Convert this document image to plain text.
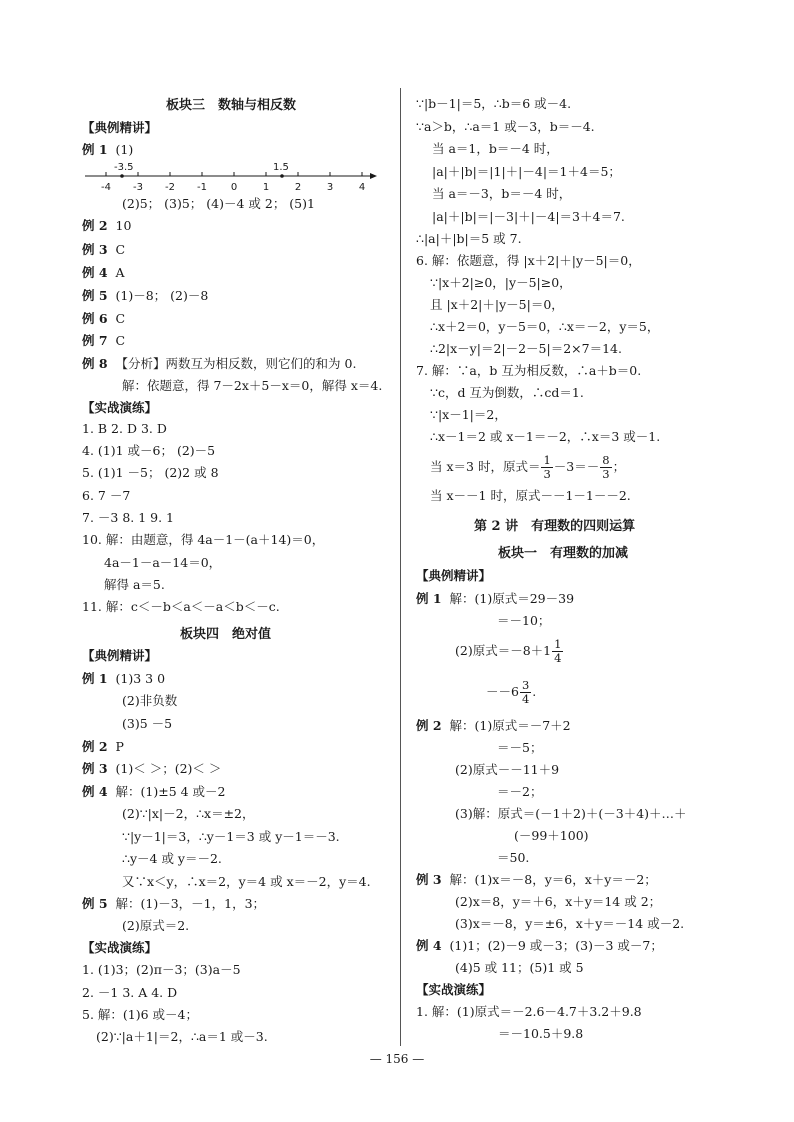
板块三　数轴与相反数
【典例精讲】
例 1 (1)
-4 -3 -2 -1 0	1	2	3	4
-3.5	1.5
(2)5； (3)5； (4)－4 或 2； (5)1
例 2 10
例 3 C
例 4 A
例 5 (1)－8； (2)－8
例 6 C
例 7 C
例 8 【分析】两数互为相反数，则它们的和为 0.
解：依题意，得 7－2x＋5－x＝0，解得 x＝4.
【实战演练】
1. B 2. D 3. D
4. (1)1 或－6； (2)－5
5. (1)1 －5； (2)2 或 8
6. 7 －7
7. －3 8. 1 9. 1
10. 解：由题意，得 4a－1－(a＋14)＝0，
4a－1－a－14＝0，
解得 a＝5.
11. 解：c＜－b＜a＜－a＜b＜－c.
板块四　绝对值
【典例精讲】
例 1 (1)3 3 0
(2)非负数
(3)5 －5
例 2 P
例 3 (1)＜ ＞；(2)＜ ＞
例 4 解：(1)±5 4 或－2
(2)∵|x|－2，∴x＝±2，
∵|y－1|＝3，∴y－1＝3 或 y－1＝－3.
∴y－4 或 y＝－2.
又∵x＜y，∴x＝2，y＝4 或 x＝－2，y＝4.
例 5 解：(1)－3，－1，1，3；
(2)原式＝2.
【实战演练】
1. (1)3；(2)π－3；(3)a－5
2. －1 3. A 4. D
5. 解：(1)6 或－4；
(2)∵|a＋1|＝2，∴a＝1 或－3.
∵|b－1|＝5，∴b＝6 或－4.
∵a＞b，∴a＝1 或－3，b＝－4.
当 a＝1，b＝－4 时，
|a|＋|b|＝|1|＋|－4|＝1＋4＝5；
当 a＝－3，b＝－4 时，
|a|＋|b|＝|－3|＋|－4|＝3＋4＝7.
∴|a|＋|b|＝5 或 7.
6. 解：依题意，得 |x＋2|＋|y－5|＝0，
∵|x＋2|≥0，|y－5|≥0，
且 |x＋2|＋|y－5|＝0，
∴x＋2＝0，y－5＝0，∴x＝－2，y＝5，
∴2|x－y|＝2|－2－5|＝2×7＝14.
7. 解：∵a，b 互为相反数，∴a＋b＝0.
∵c，d 互为倒数，∴cd＝1.
∵|x－1|＝2，
∴x－1＝2 或 x－1＝－2，∴x＝3 或－1.
当 x＝3 时，原式＝ $\frac{1}{3} -3=- \frac{8}{3}$ ；
当 x－－1 时，原式－－1－1－－2.
第 2 讲　有理数的四则运算
板块一　有理数的加减
【典例精讲】
例 1 解：(1)原式＝29－39
＝－10；
(2)原式$=-8+1 \frac{1}{4}$
$--6 \frac{3}{4}$ .
例 2 解：(1)原式＝－7＋2
＝－5；
(2)原式－－11＋9
＝－2；
(3)解：原式＝(－1＋2)＋(－3＋4)＋…＋
(－99＋100)
＝50.
例 3 解：(1)x＝－8，y＝6，x＋y＝－2；
(2)x＝8，y＝＋6，x＋y＝14 或 2；
(3)x＝－8，y＝±6，x＋y＝－14 或－2.
例 4 (1)1；(2)－9 或－3；(3)－3 或－7；
(4)5 或 11；(5)1 或 5
【实战演练】
1. 解：(1)原式＝－2.6－4.7＋3.2＋9.8
＝－10.5＋9.8
— 156 —
